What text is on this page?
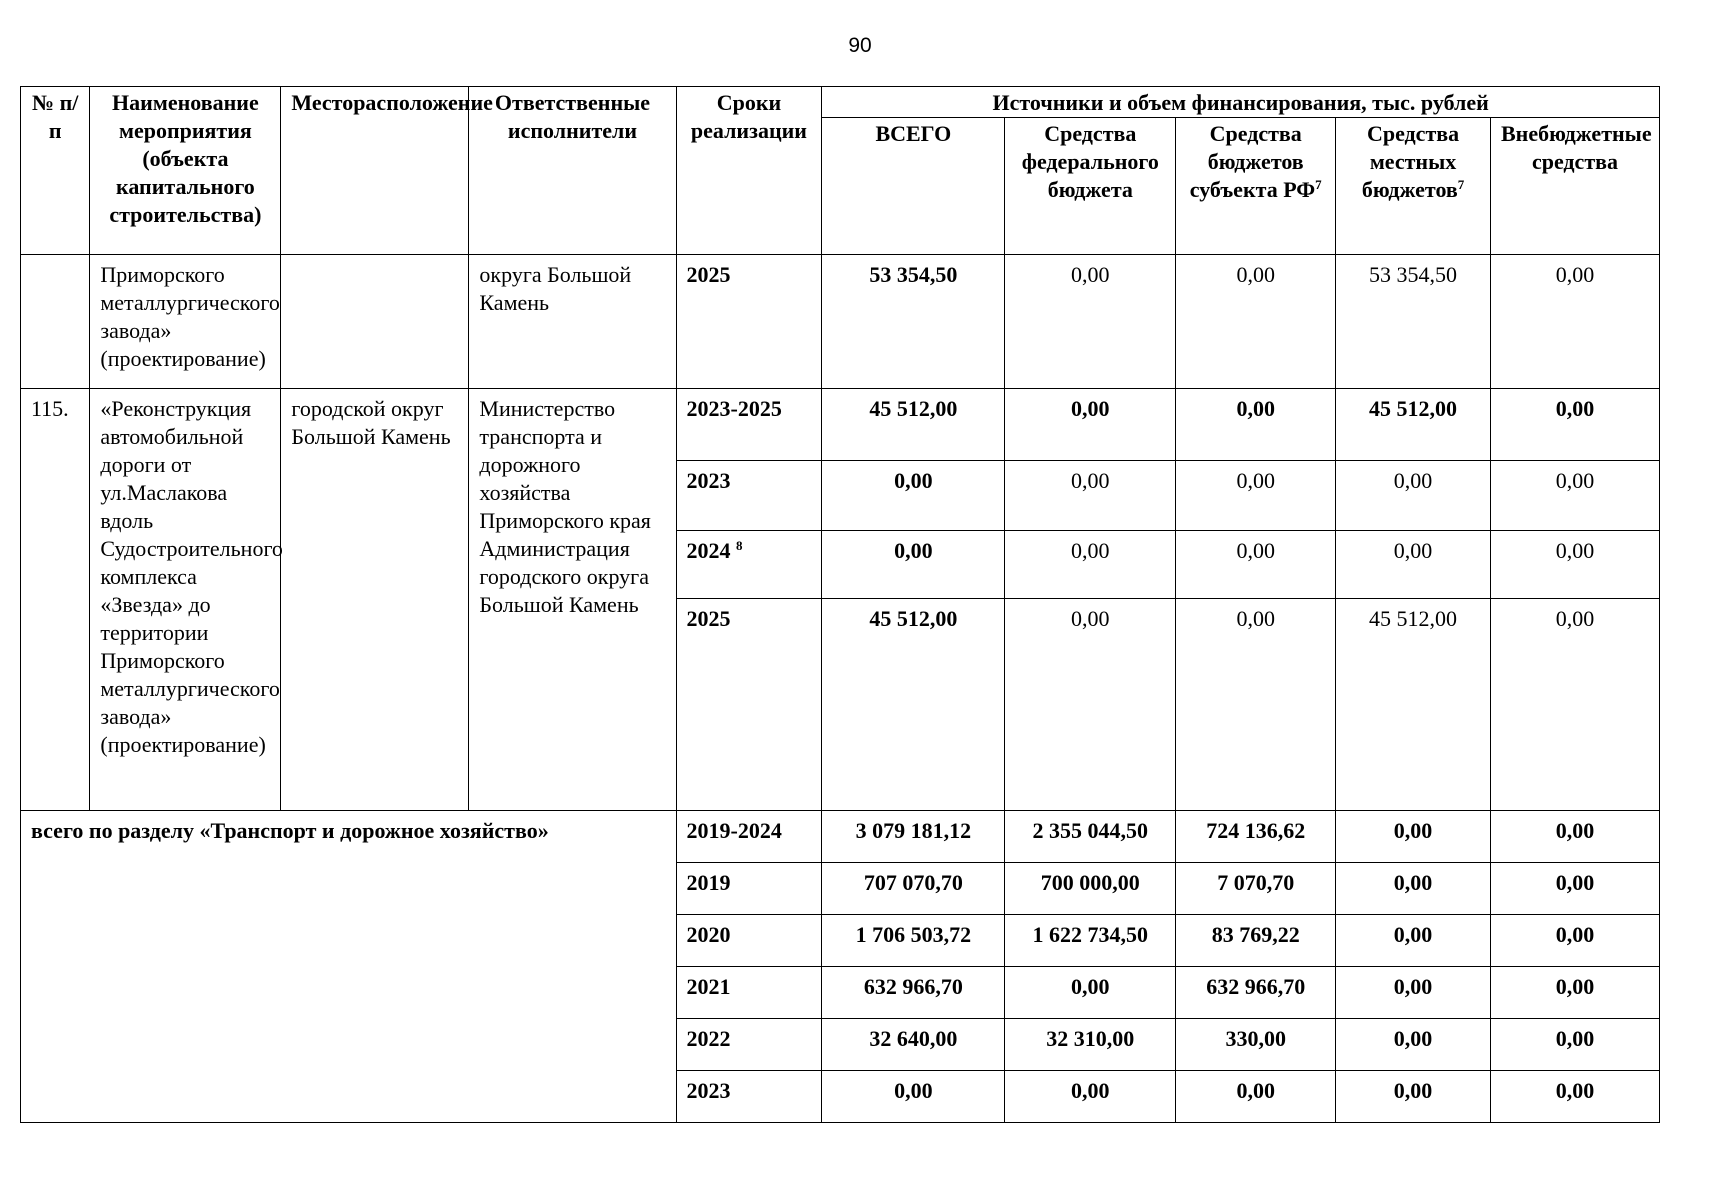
90
№ п/п	Наименование мероприятия (объекта капитального строительства)	Месторасположение	Ответственные исполнители	Сроки реализации	Источники и объем финансирования, тыс. рублей				
					ВСЕГО	Средства федерального бюджета	Средства бюджетов субъекта $РФ^7$	Средства местных бюджетов$^7$	Внебюджетные средства
	Приморского металлургического завода» (проектирование)		округа Большой Камень	2025	53 354,50	0,00	0,00	53 354,50	0,00
115.	«Реконструкция автомобильной дороги от ул.Маслакова вдоль Судостроительного комплекса «Звезда» до территории Приморского металлургического завода» (проектирование)	городской округ Большой Камень	Министерство транспорта и дорожного хозяйства Приморского края Администрация городского округа Большой Камень	2023-2025	45 512,00	0,00	0,00	45 512,00	0,00
				2023	0,00	0,00	0,00	0,00	0,00
				2024 $^8$	0,00	0,00	0,00	0,00	0,00
				2025	45 512,00	0,00	0,00	45 512,00	0,00
всего по разделу «Транспорт и дорожное хозяйство»				2019-2024	3 079 181,12	2 355 044,50	724 136,62	0,00	0,00
				2019	707 070,70	700 000,00	7 070,70	0,00	0,00
				2020	1 706 503,72	1 622 734,50	83 769,22	0,00	0,00
				2021	632 966,70	0,00	632 966,70	0,00	0,00
				2022	32 640,00	32 310,00	330,00	0,00	0,00
				2023	0,00	0,00	0,00	0,00	0,00
